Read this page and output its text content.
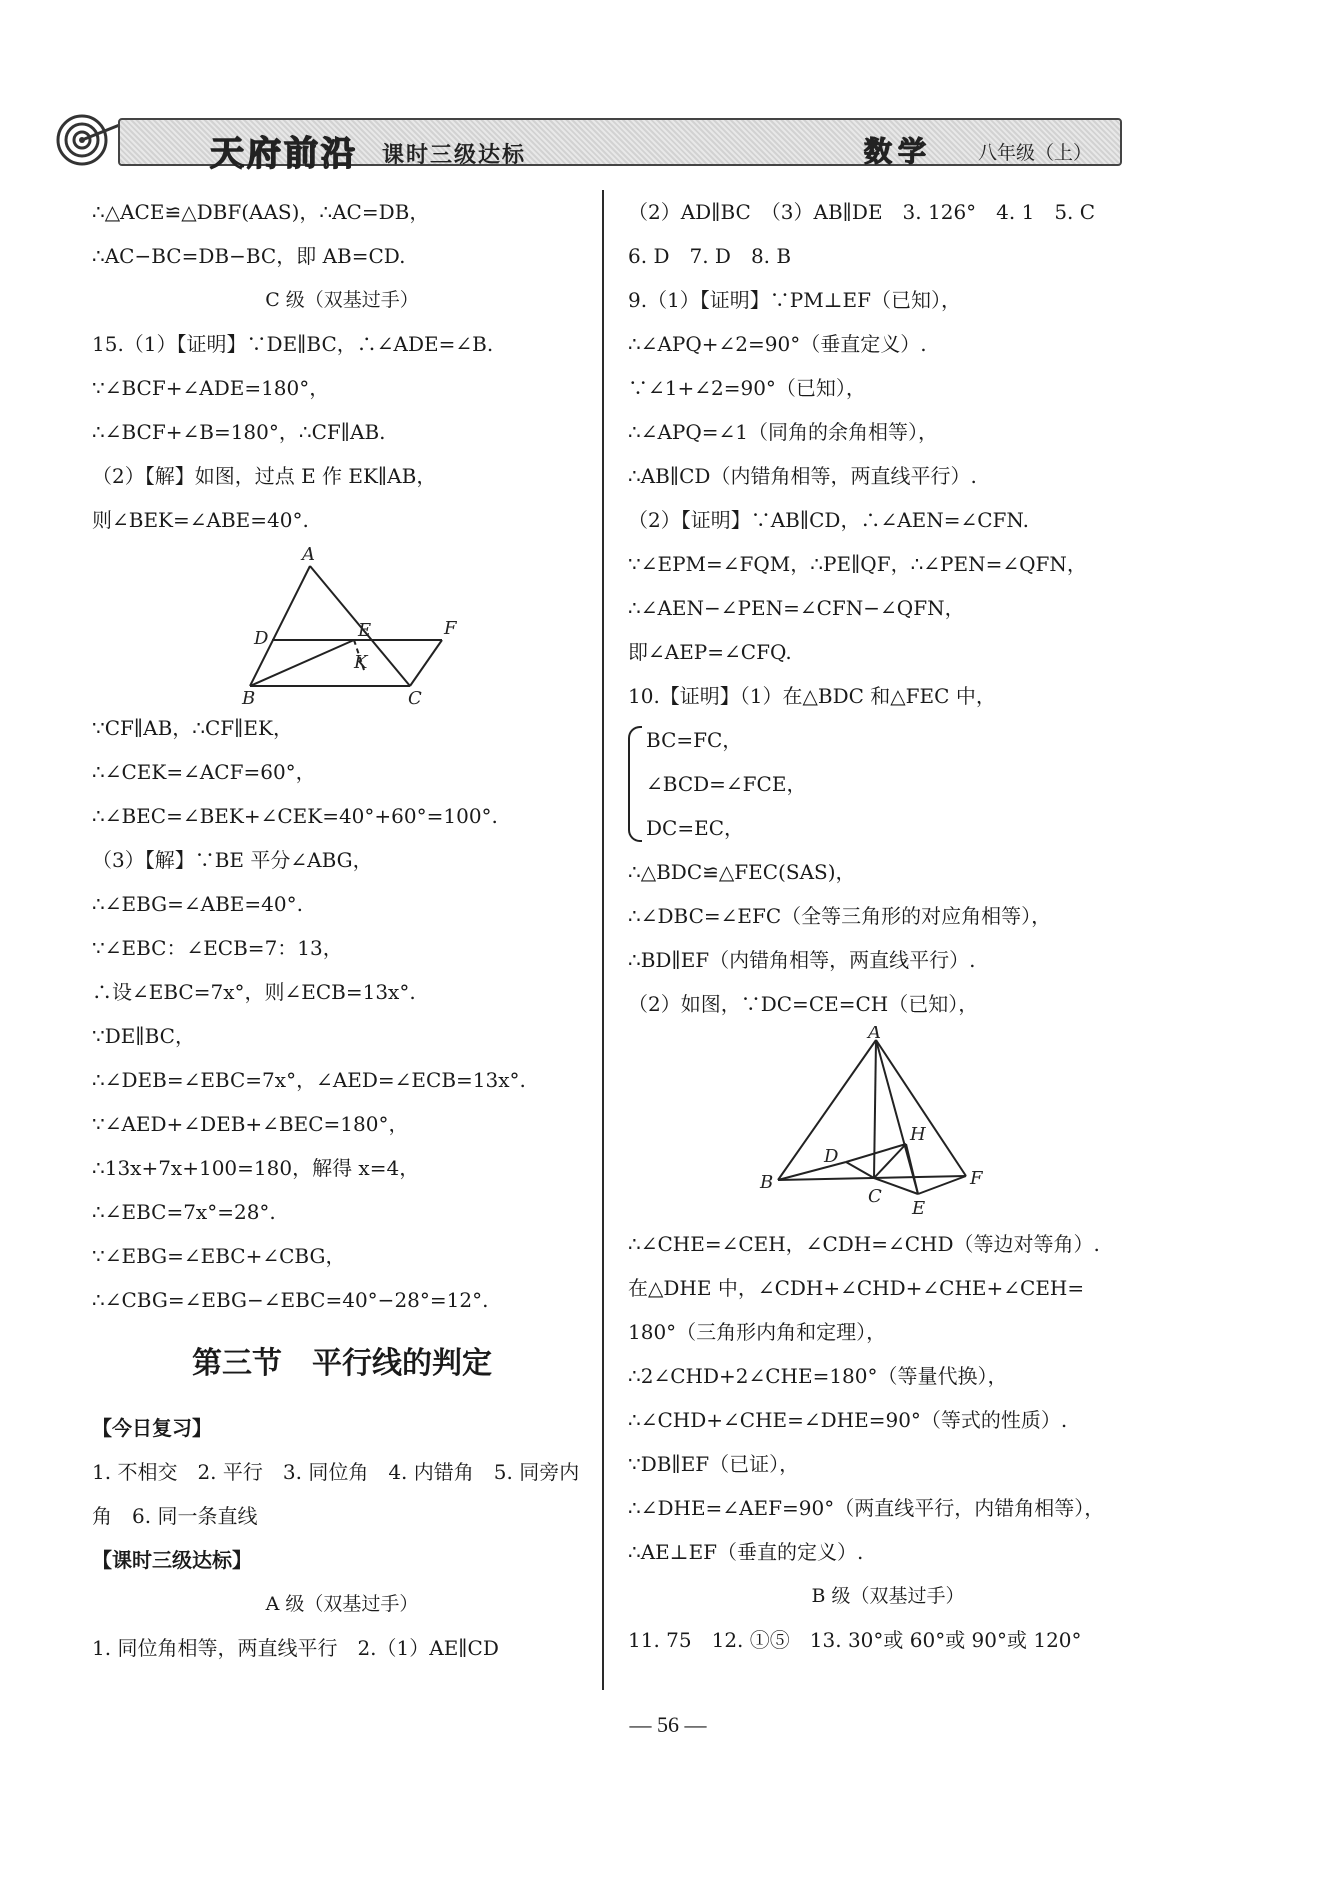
天府前沿 课时三级达标	数学 八年级（上）
∴△ACE≌△DBF(AAS)，∴AC=DB，
∴AC−BC=DB−BC，即 AB=CD.
C 级（双基过手）
15.（1）【证明】∵DE∥BC，∴∠ADE=∠B.
∵∠BCF+∠ADE=180°，
∴∠BCF+∠B=180°，∴CF∥AB.
（2）【解】如图，过点 E 作 EK∥AB，
则∠BEK=∠ABE=40°.
A
D	E	F
K
B	C
∵CF∥AB，∴CF∥EK，
∴∠CEK=∠ACF=60°，
∴∠BEC=∠BEK+∠CEK=40°+60°=100°.
（3）【解】∵BE 平分∠ABG，
∴∠EBG=∠ABE=40°.
∵∠EBC：∠ECB=7：13，
∴设∠EBC=7x°，则∠ECB=13x°.
∵DE∥BC，
∴∠DEB=∠EBC=7x°，∠AED=∠ECB=13x°.
∵∠AED+∠DEB+∠BEC=180°，
∴13x+7x+100=180，解得 x=4，
∴∠EBC=7x°=28°.
∵∠EBG=∠EBC+∠CBG，
∴∠CBG=∠EBG−∠EBC=40°−28°=12°.
第三节　平行线的判定
【今日复习】
1. 不相交　2. 平行　3. 同位角　4. 内错角　5. 同旁内
角　6. 同一条直线
【课时三级达标】
A 级（双基过手）
1. 同位角相等，两直线平行　2.（1）AE∥CD
（2）AD∥BC　（3）AB∥DE　3. 126°　4. 1　5. C
6. D　7. D　8. B
9.（1）【证明】∵PM⊥EF（已知），
∴∠APQ+∠2=90°（垂直定义）.
∵∠1+∠2=90°（已知），
∴∠APQ=∠1（同角的余角相等），
∴AB∥CD（内错角相等，两直线平行）.
（2）【证明】∵AB∥CD，∴∠AEN=∠CFN.
∵∠EPM=∠FQM，∴PE∥QF，∴∠PEN=∠QFN，
∴∠AEN−∠PEN=∠CFN−∠QFN，
即∠AEP=∠CFQ.
10.【证明】（1）在△BDC 和△FEC 中，
BC=FC，
∠BCD=∠FCE，
DC=EC，
∴△BDC≌△FEC(SAS)，
∴∠DBC=∠EFC（全等三角形的对应角相等），
∴BD∥EF（内错角相等，两直线平行）.
（2）如图，∵DC=CE=CH（已知），
A
H
D
B
C
F
E
∴∠CHE=∠CEH，∠CDH=∠CHD（等边对等角）.
在△DHE 中，∠CDH+∠CHD+∠CHE+∠CEH=
180°（三角形内角和定理），
∴2∠CHD+2∠CHE=180°（等量代换），
∴∠CHD+∠CHE=∠DHE=90°（等式的性质）.
∵DB∥EF（已证），
∴∠DHE=∠AEF=90°（两直线平行，内错角相等），
∴AE⊥EF（垂直的定义）.
B 级（双基过手）
11. 75　12. ①⑤　13. 30°或 60°或 90°或 120°
— 56 —
